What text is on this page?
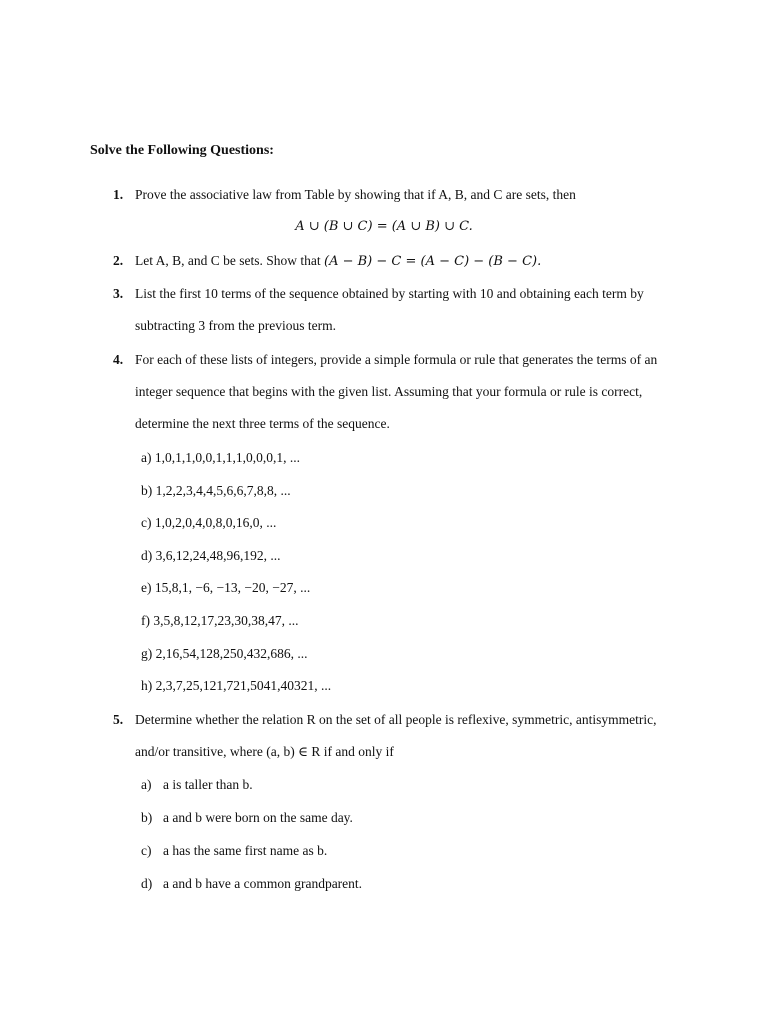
Solve the Following Questions:
1. Prove the associative law from Table by showing that if A, B, and C are sets, then
A ∪ (B ∪ C) = (A ∪ B) ∪ C.
2. Let A, B, and C be sets. Show that (A − B) − C = (A − C) − (B − C).
3. List the first 10 terms of the sequence obtained by starting with 10 and obtaining each term by
subtracting 3 from the previous term.
4. For each of these lists of integers, provide a simple formula or rule that generates the terms of an
integer sequence that begins with the given list. Assuming that your formula or rule is correct,
determine the next three terms of the sequence.
a) 1,0,1,1,0,0,1,1,1,0,0,0,1, ...
b) 1,2,2,3,4,4,5,6,6,7,8,8, ...
c) 1,0,2,0,4,0,8,0,16,0, ...
d) 3,6,12,24,48,96,192, ...
e) 15,8,1, −6, −13, −20, −27, ...
f) 3,5,8,12,17,23,30,38,47, ...
g) 2,16,54,128,250,432,686, ...
h) 2,3,7,25,121,721,5041,40321, ...
5. Determine whether the relation R on the set of all people is reflexive, symmetric, antisymmetric,
and/or transitive, where (a, b) ∈ R if and only if
a) a is taller than b.
b) a and b were born on the same day.
c) a has the same first name as b.
d) a and b have a common grandparent.
